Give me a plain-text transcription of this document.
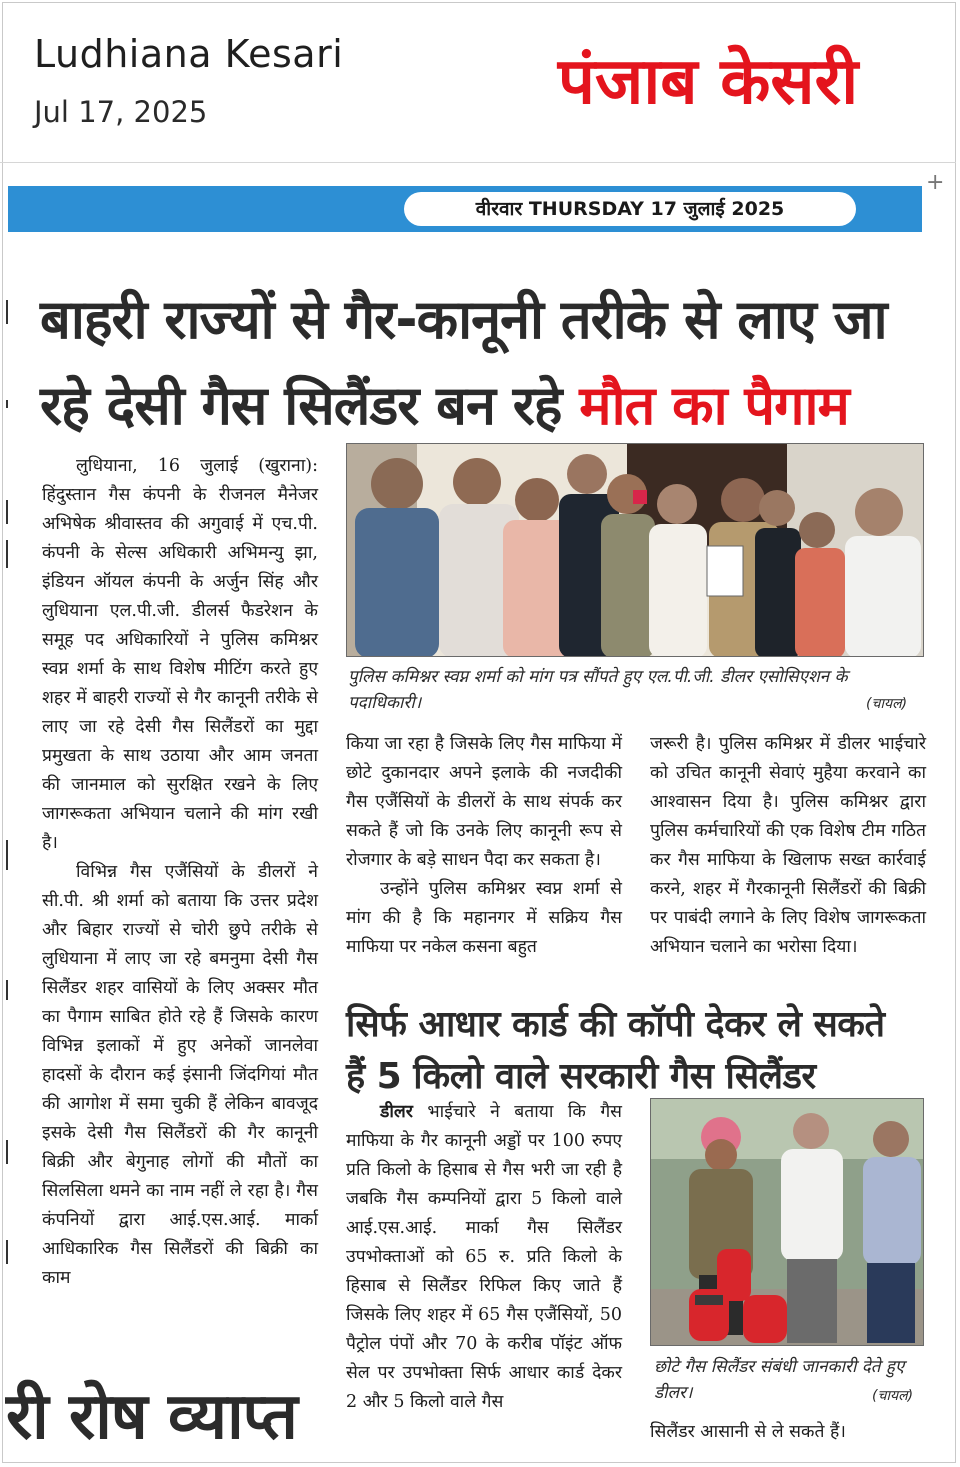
Ludhiana Kesari
Jul 17, 2025	पंजाब केसरी
+
वीरवार THURSDAY 17 जुलाई 2025
बाहरी राज्यों से गैर-कानूनी तरीके से लाए जा
रहे देसी गैस सिलैंडर बन रहे मौत का पैगाम

लुधियाना, 16 जुलाई (खुराना): हिंदुस्तान गैस कंपनी के रीजनल मैनेजर अभिषेक श्रीवास्तव की अगुवाई में एच.पी. कंपनी के सेल्स अधिकारी अभिमन्यु झा, इंडियन ऑयल कंपनी के अर्जुन सिंह और लुधियाना एल.पी.जी. डीलर्स फैडरेशन के समूह पद अधिकारियों ने पुलिस कमिश्नर स्वप्न शर्मा के साथ विशेष मीटिंग करते हुए शहर में बाहरी राज्यों से गैर कानूनी तरीके से लाए जा रहे देसी गैस सिलैंडरों का मुद्दा प्रमुखता के साथ उठाया और आम जनता की जानमाल को सुरक्षित रखने के लिए जागरूकता अभियान चलाने की मांग रखी है।

विभिन्न गैस एजैंसियों के डीलरों ने सी.पी. श्री शर्मा को बताया कि उत्तर प्रदेश और बिहार राज्यों से चोरी छुपे तरीके से लुधियाना में लाए जा रहे बमनुमा देसी गैस सिलैंडर शहर वासियों के लिए अक्सर मौत का पैगाम साबित होते रहे हैं जिसके कारण विभिन्न इलाकों में हुए अनेकों जानलेवा हादसों के दौरान कई इंसानी जिंदगियां मौत की आगोश में समा चुकी हैं लेकिन बावजूद इसके देसी गैस सिलैंडरों की गैर कानूनी बिक्री और बेगुनाह लोगों की मौतों का सिलसिला थमने का नाम नहीं ले रहा है। गैस कंपनियों द्वारा आई.एस.आई. मार्का आधिकारिक गैस सिलैंडरों की बिक्री का काम

पुलिस कमिश्नर स्वप्न शर्मा को मांग पत्र सौंपते हुए एल.पी.जी. डीलर एसोसिएशन के पदाधिकारी।	(चायल)

किया जा रहा है जिसके लिए गैस माफिया में छोटे दुकानदार अपने इलाके की नजदीकी गैस एजैंसियों के डीलरों के साथ संपर्क कर सकते हैं जो कि उनके लिए कानूनी रूप से रोजगार के बड़े साधन पैदा कर सकता है।

उन्होंने पुलिस कमिश्नर स्वप्न शर्मा से मांग की है कि महानगर में सक्रिय गैस माफिया पर नकेल कसना बहुत

जरूरी है। पुलिस कमिश्नर में डीलर भाईचारे को उचित कानूनी सेवाएं मुहैया करवाने का आश्वासन दिया है। पुलिस कमिश्नर द्वारा पुलिस कर्मचारियों की एक विशेष टीम गठित कर गैस माफिया के खिलाफ सख्त कार्रवाई करने, शहर में गैरकानूनी सिलैंडरों की बिक्री पर पाबंदी लगाने के लिए विशेष जागरूकता अभियान चलाने का भरोसा दिया।

सिर्फ आधार कार्ड की कॉपी देकर ले सकते
हैं 5 किलो वाले सरकारी गैस सिलैंडर

डीलर भाईचारे ने बताया कि गैस माफिया के गैर कानूनी अड्डों पर 100 रुपए प्रति किलो के हिसाब से गैस भरी जा रही है जबकि गैस कम्पनियों द्वारा 5 किलो वाले आई.एस.आई. मार्का गैस सिलैंडर उपभोक्ताओं को 65 रु. प्रति किलो के हिसाब से सिलैंडर रिफिल किए जाते हैं जिसके लिए शहर में 65 गैस एजैंसियों, 50 पैट्रोल पंपों और 70 के करीब पॉइंट ऑफ सेल पर उपभोक्ता सिर्फ आधार कार्ड देकर 2 और 5 किलो वाले गैस

छोटे गैस सिलैंडर संबंधी जानकारी देते हुए डीलर।	(चायल)
सिलैंडर आसानी से ले सकते हैं।
री रोष व्याप्त
